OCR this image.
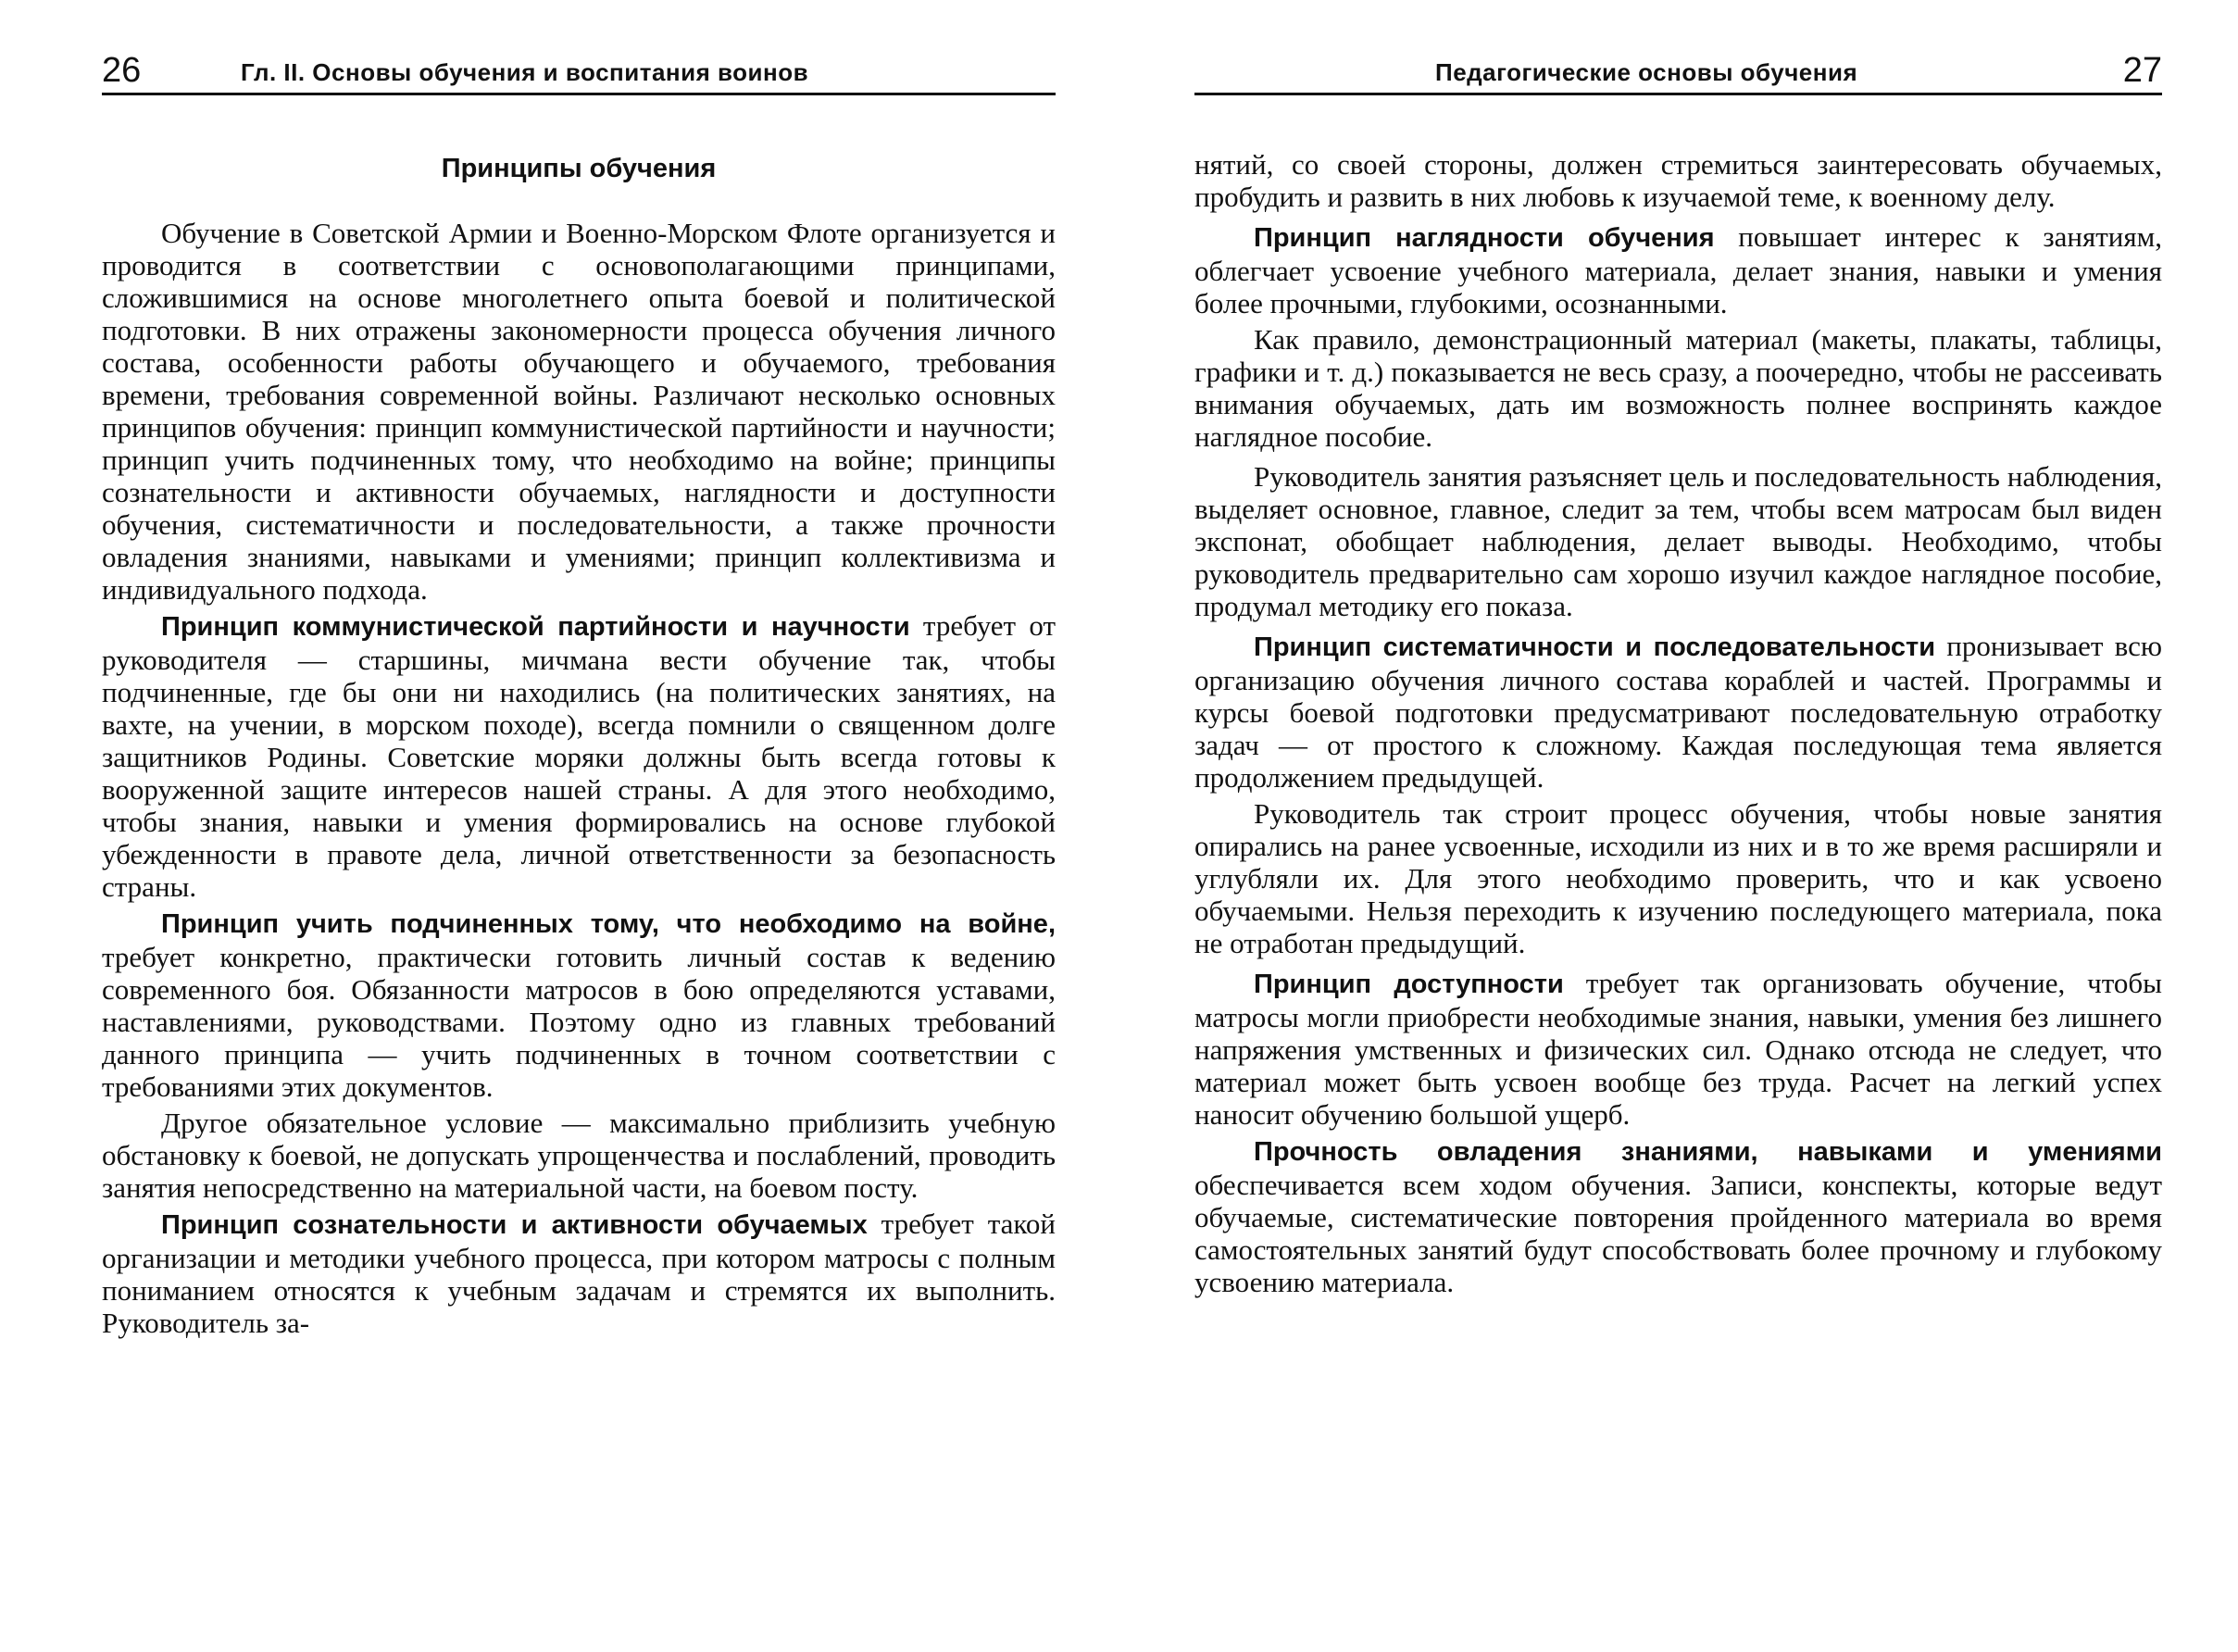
26	Гл. II. Основы обучения и воспитания воинов
Принципы обучения

Обучение в Советской Армии и Военно-Морском Флоте организуется и проводится в соответствии с основополагающими принципами, сложившимися на основе многолетнего опыта боевой и политической подготовки. В них отражены закономерности процесса обучения личного состава, особенности работы обучающего и обучаемого, требования времени, требования современной войны. Различают несколько основных принципов обучения: принцип коммунистической партийности и научности; принцип учить подчиненных тому, что необходимо на войне; принципы сознательности и активности обучаемых, наглядности и доступности обучения, систематичности и последовательности, а также прочности овладения знаниями, навыками и умениями; принцип коллективизма и индивидуального подхода.

Принцип коммунистической партийности и научности требует от руководителя — старшины, мичмана вести обучение так, чтобы подчиненные, где бы они ни находились (на политических занятиях, на вахте, на учении, в морском походе), всегда помнили о священном долге защитников Родины. Советские моряки должны быть всегда готовы к вооруженной защите интересов нашей страны. А для этого необходимо, чтобы знания, навыки и умения формировались на основе глубокой убежденности в правоте дела, личной ответственности за безопасность страны.

Принцип учить подчиненных тому, что необходимо на войне, требует конкретно, практически готовить личный состав к ведению современного боя. Обязанности матросов в бою определяются уставами, наставлениями, руководствами. Поэтому одно из главных требований данного принципа — учить подчиненных в точном соответствии с требованиями этих документов.

Другое обязательное условие — максимально приблизить учебную обстановку к боевой, не допускать упрощенчества и послаблений, проводить занятия непосредственно на материальной части, на боевом посту.

Принцип сознательности и активности обучаемых требует такой организации и методики учебного процесса, при котором матросы с полным пониманием относятся к учебным задачам и стремятся их выполнить. Руководитель за-

Педагогические основы обучения	27

нятий, со своей стороны, должен стремиться заинтересовать обучаемых, пробудить и развить в них любовь к изучаемой теме, к военному делу.

Принцип наглядности обучения повышает интерес к занятиям, облегчает усвоение учебного материала, делает знания, навыки и умения более прочными, глубокими, осознанными.

Как правило, демонстрационный материал (макеты, плакаты, таблицы, графики и т. д.) показывается не весь сразу, а поочередно, чтобы не рассеивать внимания обучаемых, дать им возможность полнее воспринять каждое наглядное пособие.

Руководитель занятия разъясняет цель и последовательность наблюдения, выделяет основное, главное, следит за тем, чтобы всем матросам был виден экспонат, обобщает наблюдения, делает выводы. Необходимо, чтобы руководитель предварительно сам хорошо изучил каждое наглядное пособие, продумал методику его показа.

Принцип систематичности и последовательности пронизывает всю организацию обучения личного состава кораблей и частей. Программы и курсы боевой подготовки предусматривают последовательную отработку задач — от простого к сложному. Каждая последующая тема является продолжением предыдущей.

Руководитель так строит процесс обучения, чтобы новые занятия опирались на ранее усвоенные, исходили из них и в то же время расширяли и углубляли их. Для этого необходимо проверить, что и как усвоено обучаемыми. Нельзя переходить к изучению последующего материала, пока не отработан предыдущий.

Принцип доступности требует так организовать обучение, чтобы матросы могли приобрести необходимые знания, навыки, умения без лишнего напряжения умственных и физических сил. Однако отсюда не следует, что материал может быть усвоен вообще без труда. Расчет на легкий успех наносит обучению большой ущерб.

Прочность овладения знаниями, навыками и умениями обеспечивается всем ходом обучения. Записи, конспекты, которые ведут обучаемые, систематические повторения пройденного материала во время самостоятельных занятий будут способствовать более прочному и глубокому усвоению материала.
